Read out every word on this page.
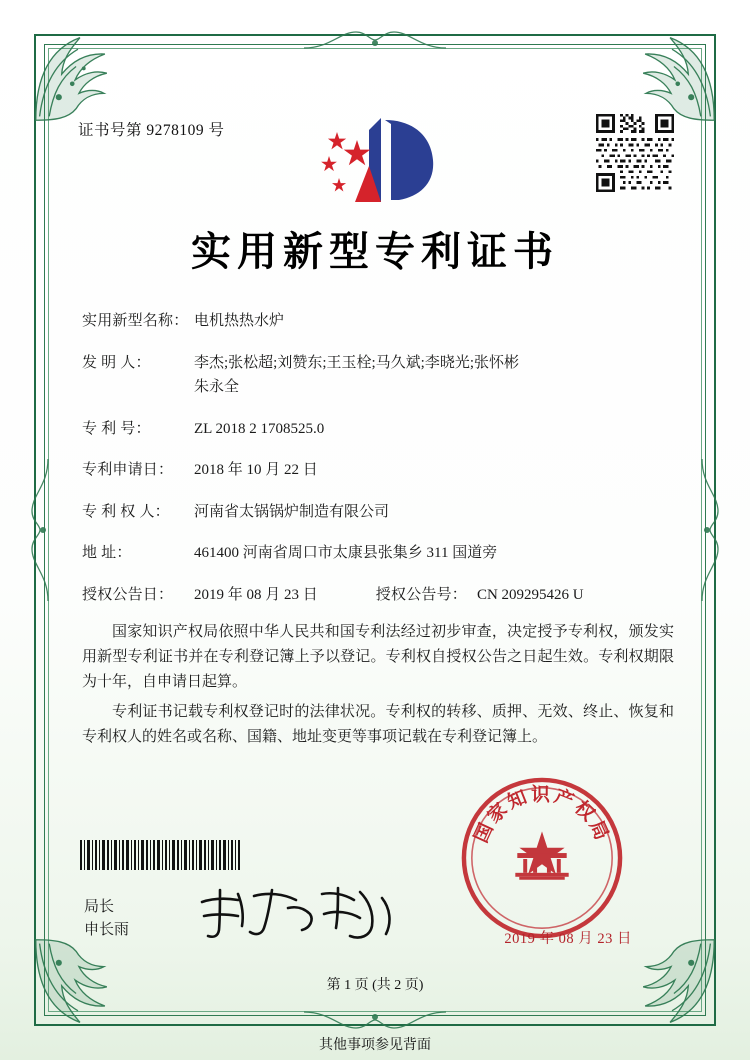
证书号第 9278109 号
实用新型专利证书
实用新型名称： 电机热热水炉
发 明 人：	李杰;张松超;刘赞东;王玉栓;马久斌;李晓光;张怀彬
朱永全
专 利 号：	ZL 2018 2 1708525.0
专利申请日： 2018 年 10 月 22 日
专 利 权 人： 河南省太锅锅炉制造有限公司
地 址：	461400 河南省周口市太康县张集乡 311 国道旁
授权公告日： 2019 年 08 月 23 日	授权公告号： CN 209295426 U

国家知识产权局依照中华人民共和国专利法经过初步审查，决定授予专利权，颁发实用新型专利证书并在专利登记簿上予以登记。专利权自授权公告之日起生效。专利权期限为十年，自申请日起算。

专利证书记载专利权登记时的法律状况。专利权的转移、质押、无效、终止、恢复和专利权人的姓名或名称、国籍、地址变更等事项记载在专利登记簿上。

局长
申长雨
国家知识产权局
2019 年 08 月 23 日
第 1 页 (共 2 页)
其他事项参见背面
